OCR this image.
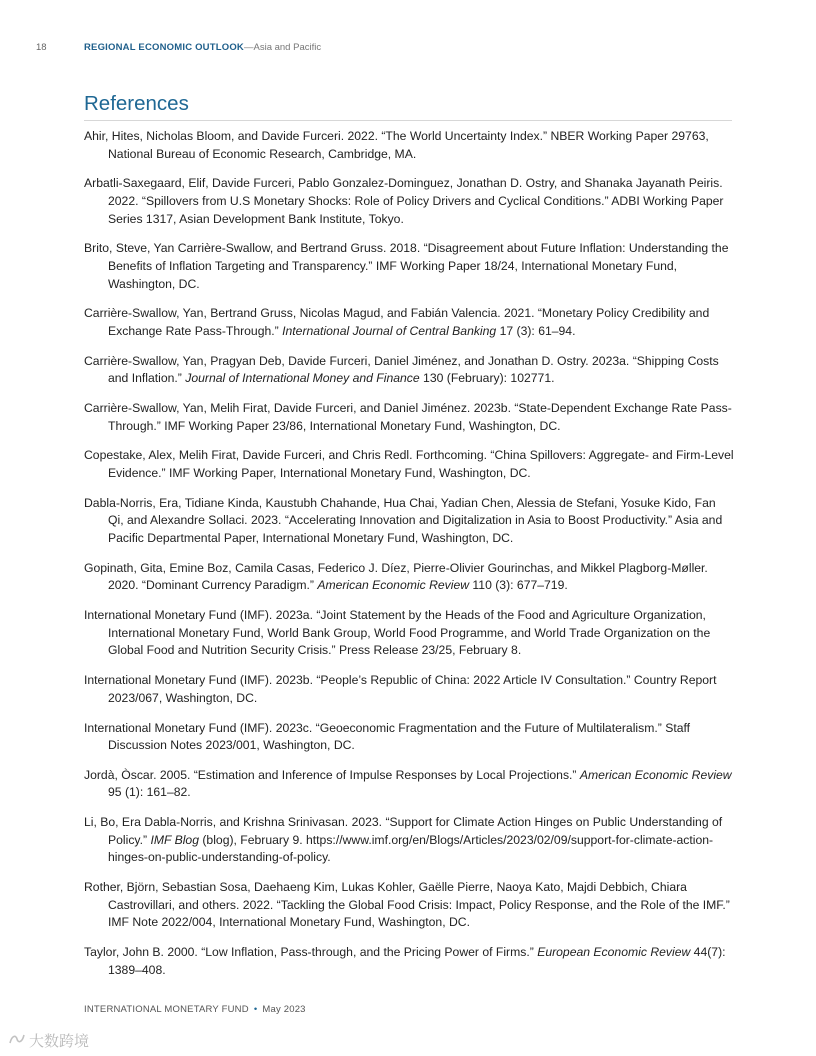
18	REGIONAL ECONOMIC OUTLOOK —Asia and Pacific
References

Ahir, Hites, Nicholas Bloom, and Davide Furceri. 2022. “The World Uncertainty Index.” NBER Working Paper 29763, National Bureau of Economic Research, Cambridge, MA.

Arbatli-Saxegaard, Elif, Davide Furceri, Pablo Gonzalez-Dominguez, Jonathan D. Ostry, and Shanaka Jayanath Peiris. 2022. “Spillovers from U.S Monetary Shocks: Role of Policy Drivers and Cyclical Conditions.” ADBI Working Paper Series 1317, Asian Development Bank Institute, Tokyo.

Brito, Steve, Yan Carrière-Swallow, and Bertrand Gruss. 2018. “Disagreement about Future Inflation: Understanding the Benefits of Inflation Targeting and Transparency.” IMF Working Paper 18/24, International Monetary Fund, Washington, DC.

Carrière-Swallow, Yan, Bertrand Gruss, Nicolas Magud, and Fabián Valencia. 2021. “Monetary Policy Credibility and Exchange Rate Pass-Through.” International Journal of Central Banking 17 (3): 61–94.

Carrière-Swallow, Yan, Pragyan Deb, Davide Furceri, Daniel Jiménez, and Jonathan D. Ostry. 2023a. “Shipping Costs and Inflation.” Journal of International Money and Finance 130 (February): 102771.

Carrière-Swallow, Yan, Melih Firat, Davide Furceri, and Daniel Jiménez. 2023b. “State-Dependent Exchange Rate Pass-Through.” IMF Working Paper 23/86, International Monetary Fund, Washington, DC.

Copestake, Alex, Melih Firat, Davide Furceri, and Chris Redl. Forthcoming. “China Spillovers: Aggregate- and Firm-Level Evidence.” IMF Working Paper, International Monetary Fund, Washington, DC.

Dabla-Norris, Era, Tidiane Kinda, Kaustubh Chahande, Hua Chai, Yadian Chen, Alessia de Stefani, Yosuke Kido, Fan Qi, and Alexandre Sollaci. 2023. “Accelerating Innovation and Digitalization in Asia to Boost Productivity.” Asia and Pacific Departmental Paper, International Monetary Fund, Washington, DC.

Gopinath, Gita, Emine Boz, Camila Casas, Federico J. Díez, Pierre-Olivier Gourinchas, and Mikkel Plagborg-Møller. 2020. “Dominant Currency Paradigm.” American Economic Review 110 (3): 677–719.

International Monetary Fund (IMF). 2023a. “Joint Statement by the Heads of the Food and Agriculture Organization, International Monetary Fund, World Bank Group, World Food Programme, and World Trade Organization on the Global Food and Nutrition Security Crisis.” Press Release 23/25, February 8.

International Monetary Fund (IMF). 2023b. “People’s Republic of China: 2022 Article IV Consultation.” Country Report 2023/067, Washington, DC.

International Monetary Fund (IMF). 2023c. “Geoeconomic Fragmentation and the Future of Multilateralism.” Staff Discussion Notes 2023/001, Washington, DC.

Jordà, Òscar. 2005. “Estimation and Inference of Impulse Responses by Local Projections.” American Economic Review 95 (1): 161–82.

Li, Bo, Era Dabla-Norris, and Krishna Srinivasan. 2023. “Support for Climate Action Hinges on Public Understanding of Policy.” IMF Blog (blog), February 9. https://www.imf.org/en/Blogs/Articles/2023/02/09/support-for-climate-action-hinges-on-public-understanding-of-policy.

Rother, Björn, Sebastian Sosa, Daehaeng Kim, Lukas Kohler, Gaëlle Pierre, Naoya Kato, Majdi Debbich, Chiara Castrovillari, and others. 2022. “Tackling the Global Food Crisis: Impact, Policy Response, and the Role of the IMF.” IMF Note 2022/004, International Monetary Fund, Washington, DC.

Taylor, John B. 2000. “Low Inflation, Pass-through, and the Pricing Power of Firms.” European Economic Review 44(7): 1389–408.

INTERNATIONAL MONETARY FUND • May 2023
大数跨境
